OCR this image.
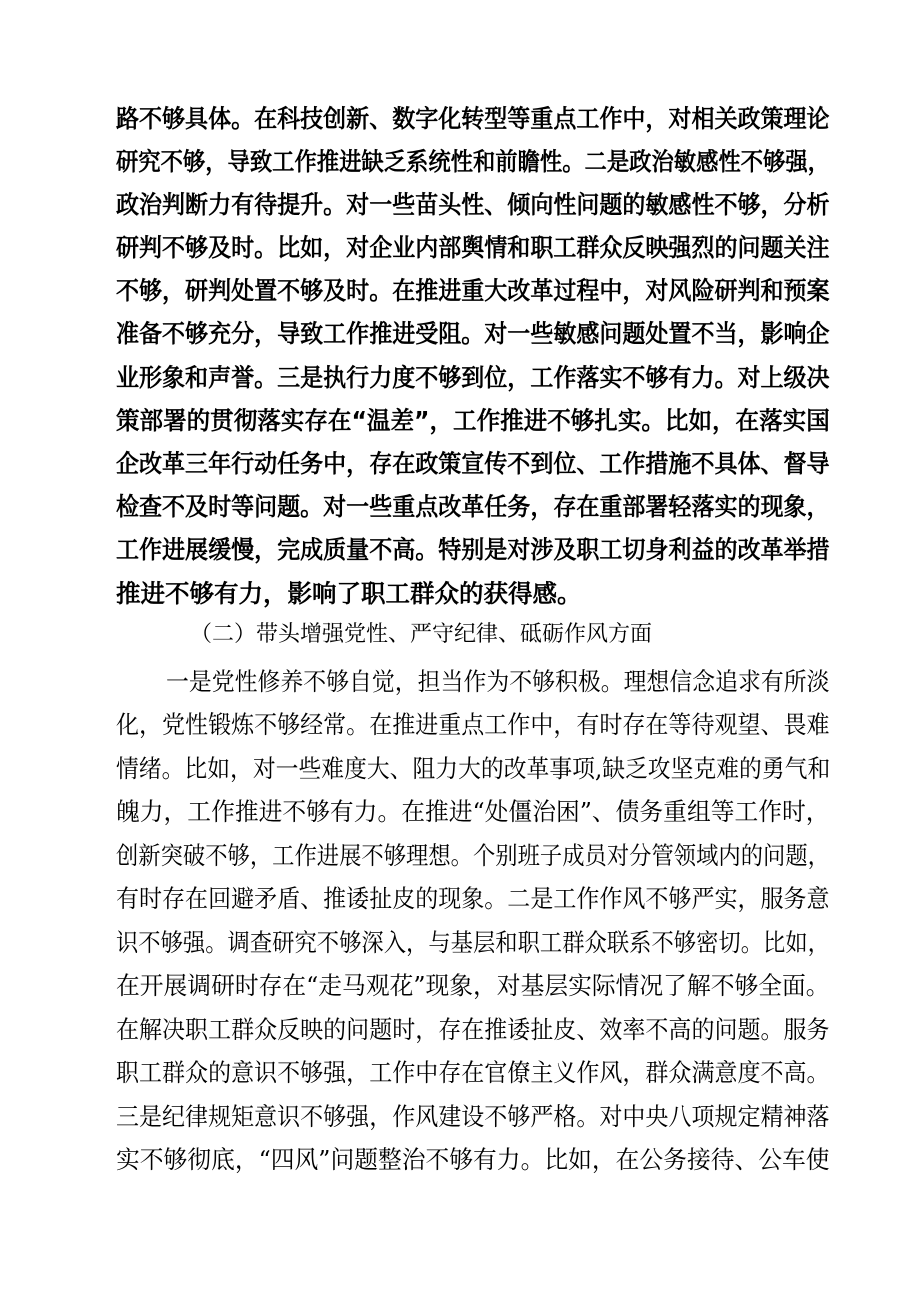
路不够具体。在科技创新、数字化转型等重点工作中，对相关政策理论
研究不够，导致工作推进缺乏系统性和前瞻性。二是政治敏感性不够强，
政治判断力有待提升。对一些苗头性、倾向性问题的敏感性不够，分析
研判不够及时。比如，对企业内部舆情和职工群众反映强烈的问题关注
不够，研判处置不够及时。在推进重大改革过程中，对风险研判和预案
准备不够充分，导致工作推进受阻。对一些敏感问题处置不当，影响企
业形象和声誉。三是执行力度不够到位，工作落实不够有力。对上级决
策部署的贯彻落实存在“温差”，工作推进不够扎实。比如，在落实国
企改革三年行动任务中，存在政策宣传不到位、工作措施不具体、督导
检查不及时等问题。对一些重点改革任务，存在重部署轻落实的现象，
工作进展缓慢，完成质量不高。特别是对涉及职工切身利益的改革举措
推进不够有力，影响了职工群众的获得感。
（二）带头增强党性、严守纪律、砥砺作风方面
一是党性修养不够自觉，担当作为不够积极。理想信念追求有所淡
化，党性锻炼不够经常。在推进重点工作中，有时存在等待观望、畏难
情绪。比如，对一些难度大、阻力大的改革事项,缺乏攻坚克难的勇气和
魄力，工作推进不够有力。在推进“处僵治困”、债务重组等工作时，
创新突破不够，工作进展不够理想。个别班子成员对分管领域内的问题，
有时存在回避矛盾、推诿扯皮的现象。二是工作作风不够严实，服务意
识不够强。调查研究不够深入，与基层和职工群众联系不够密切。比如，
在开展调研时存在“走马观花”现象，对基层实际情况了解不够全面。
在解决职工群众反映的问题时，存在推诿扯皮、效率不高的问题。服务
职工群众的意识不够强，工作中存在官僚主义作风，群众满意度不高。
三是纪律规矩意识不够强，作风建设不够严格。对中央八项规定精神落
实不够彻底，“四风”问题整治不够有力。比如，在公务接待、公车使
